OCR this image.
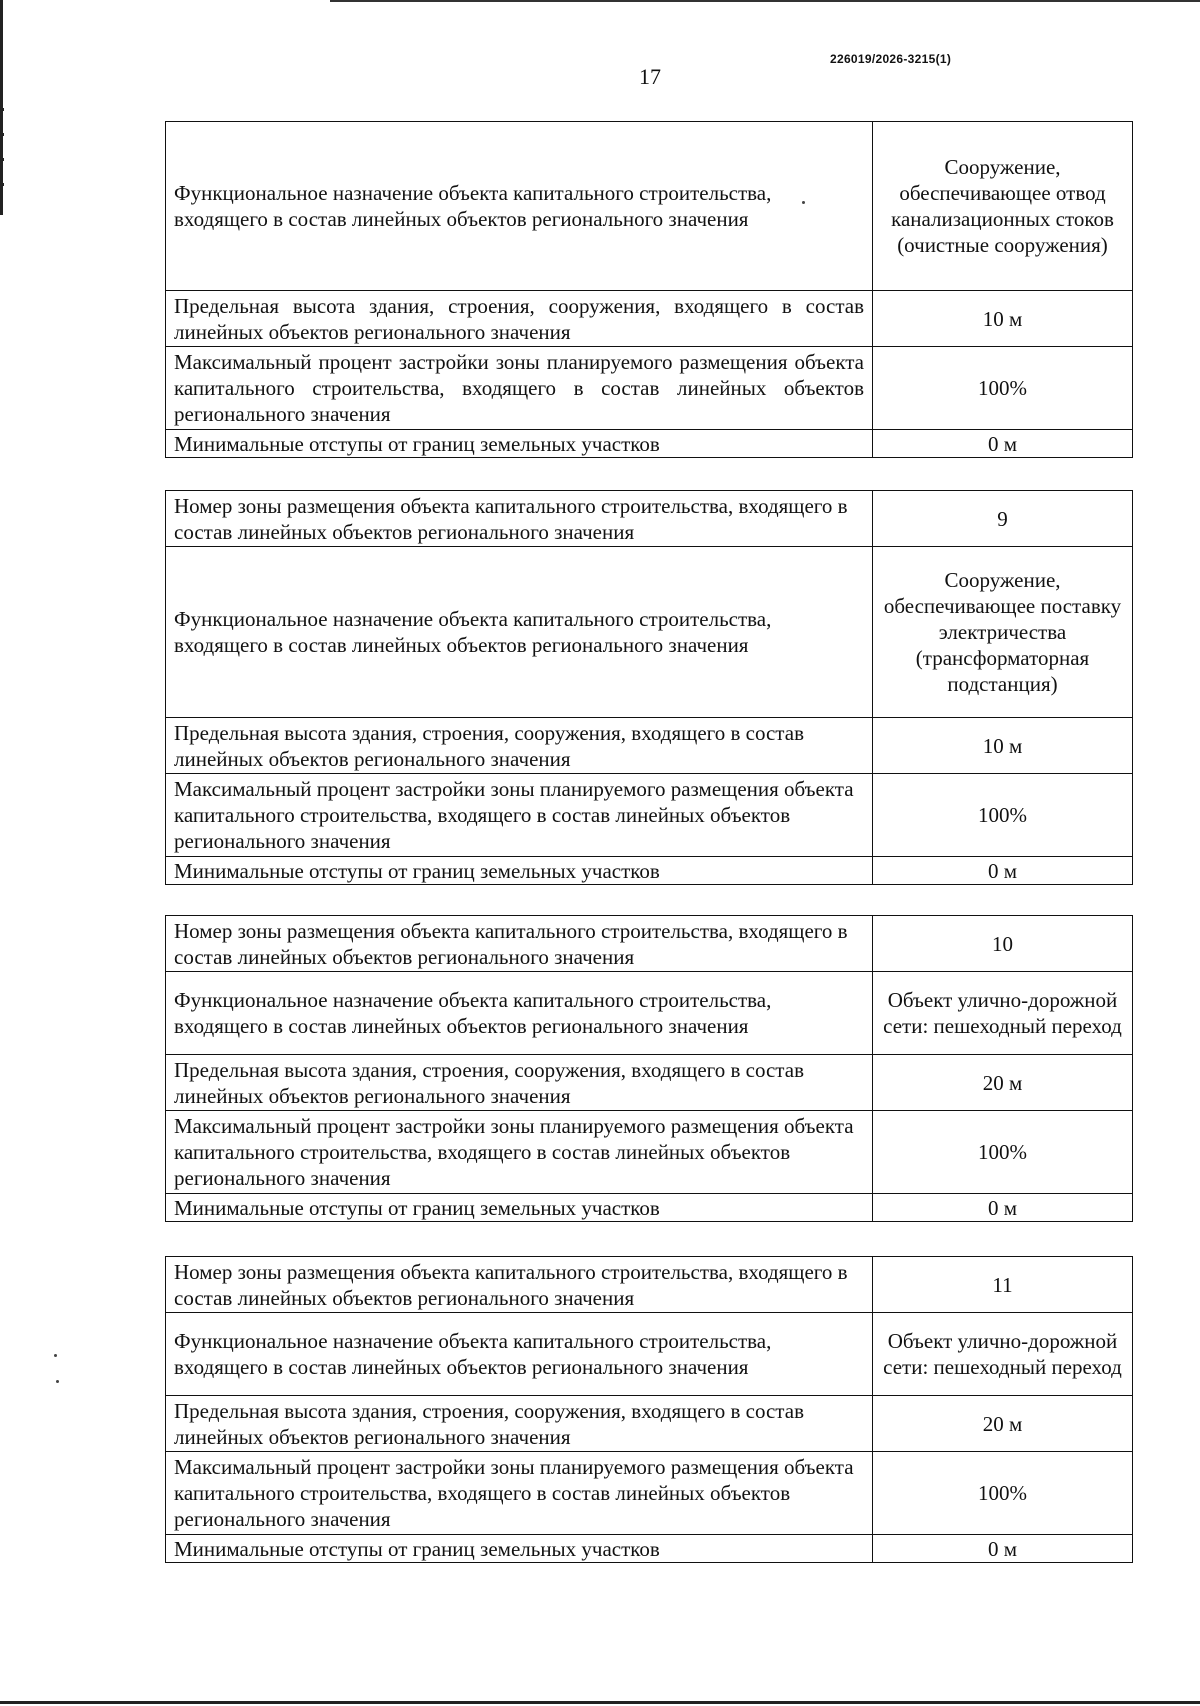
226019/2026-3215(1)
17
Функциональное назначение объекта капитального строительства, входящего в состав линейных объектов регионального значения	Сооружение, обеспечивающее отвод канализационных стоков (очистные сооружения)
Предельная высота здания, строения, сооружения, входящего в состав линейных объектов регионального значения	10 м
Максимальный процент застройки зоны планируемого размещения объекта капитального строительства, входящего в состав линейных объектов регионального значения	100%
Минимальные отступы от границ земельных участков	0 м
Номер зоны размещения объекта капитального строительства, входящего в состав линейных объектов регионального значения	9
Функциональное назначение объекта капитального строительства, входящего в состав линейных объектов регионального значения	Сооружение, обеспечивающее поставку электричества (трансформаторная подстанция)
Предельная высота здания, строения, сооружения, входящего в состав линейных объектов регионального значения	10 м
Максимальный процент застройки зоны планируемого размещения объекта капитального строительства, входящего в состав линейных объектов регионального значения	100%
Минимальные отступы от границ земельных участков	0 м
Номер зоны размещения объекта капитального строительства, входящего в состав линейных объектов регионального значения	10
Функциональное назначение объекта капитального строительства, входящего в состав линейных объектов регионального значения	Объект улично-дорожной сети: пешеходный переход
Предельная высота здания, строения, сооружения, входящего в состав линейных объектов регионального значения	20 м
Максимальный процент застройки зоны планируемого размещения объекта капитального строительства, входящего в состав линейных объектов регионального значения	100%
Минимальные отступы от границ земельных участков	0 м
Номер зоны размещения объекта капитального строительства, входящего в состав линейных объектов регионального значения	11
Функциональное назначение объекта капитального строительства, входящего в состав линейных объектов регионального значения	Объект улично-дорожной сети: пешеходный переход
Предельная высота здания, строения, сооружения, входящего в состав линейных объектов регионального значения	20 м
Максимальный процент застройки зоны планируемого размещения объекта капитального строительства, входящего в состав линейных объектов регионального значения	100%
Минимальные отступы от границ земельных участков	0 м
